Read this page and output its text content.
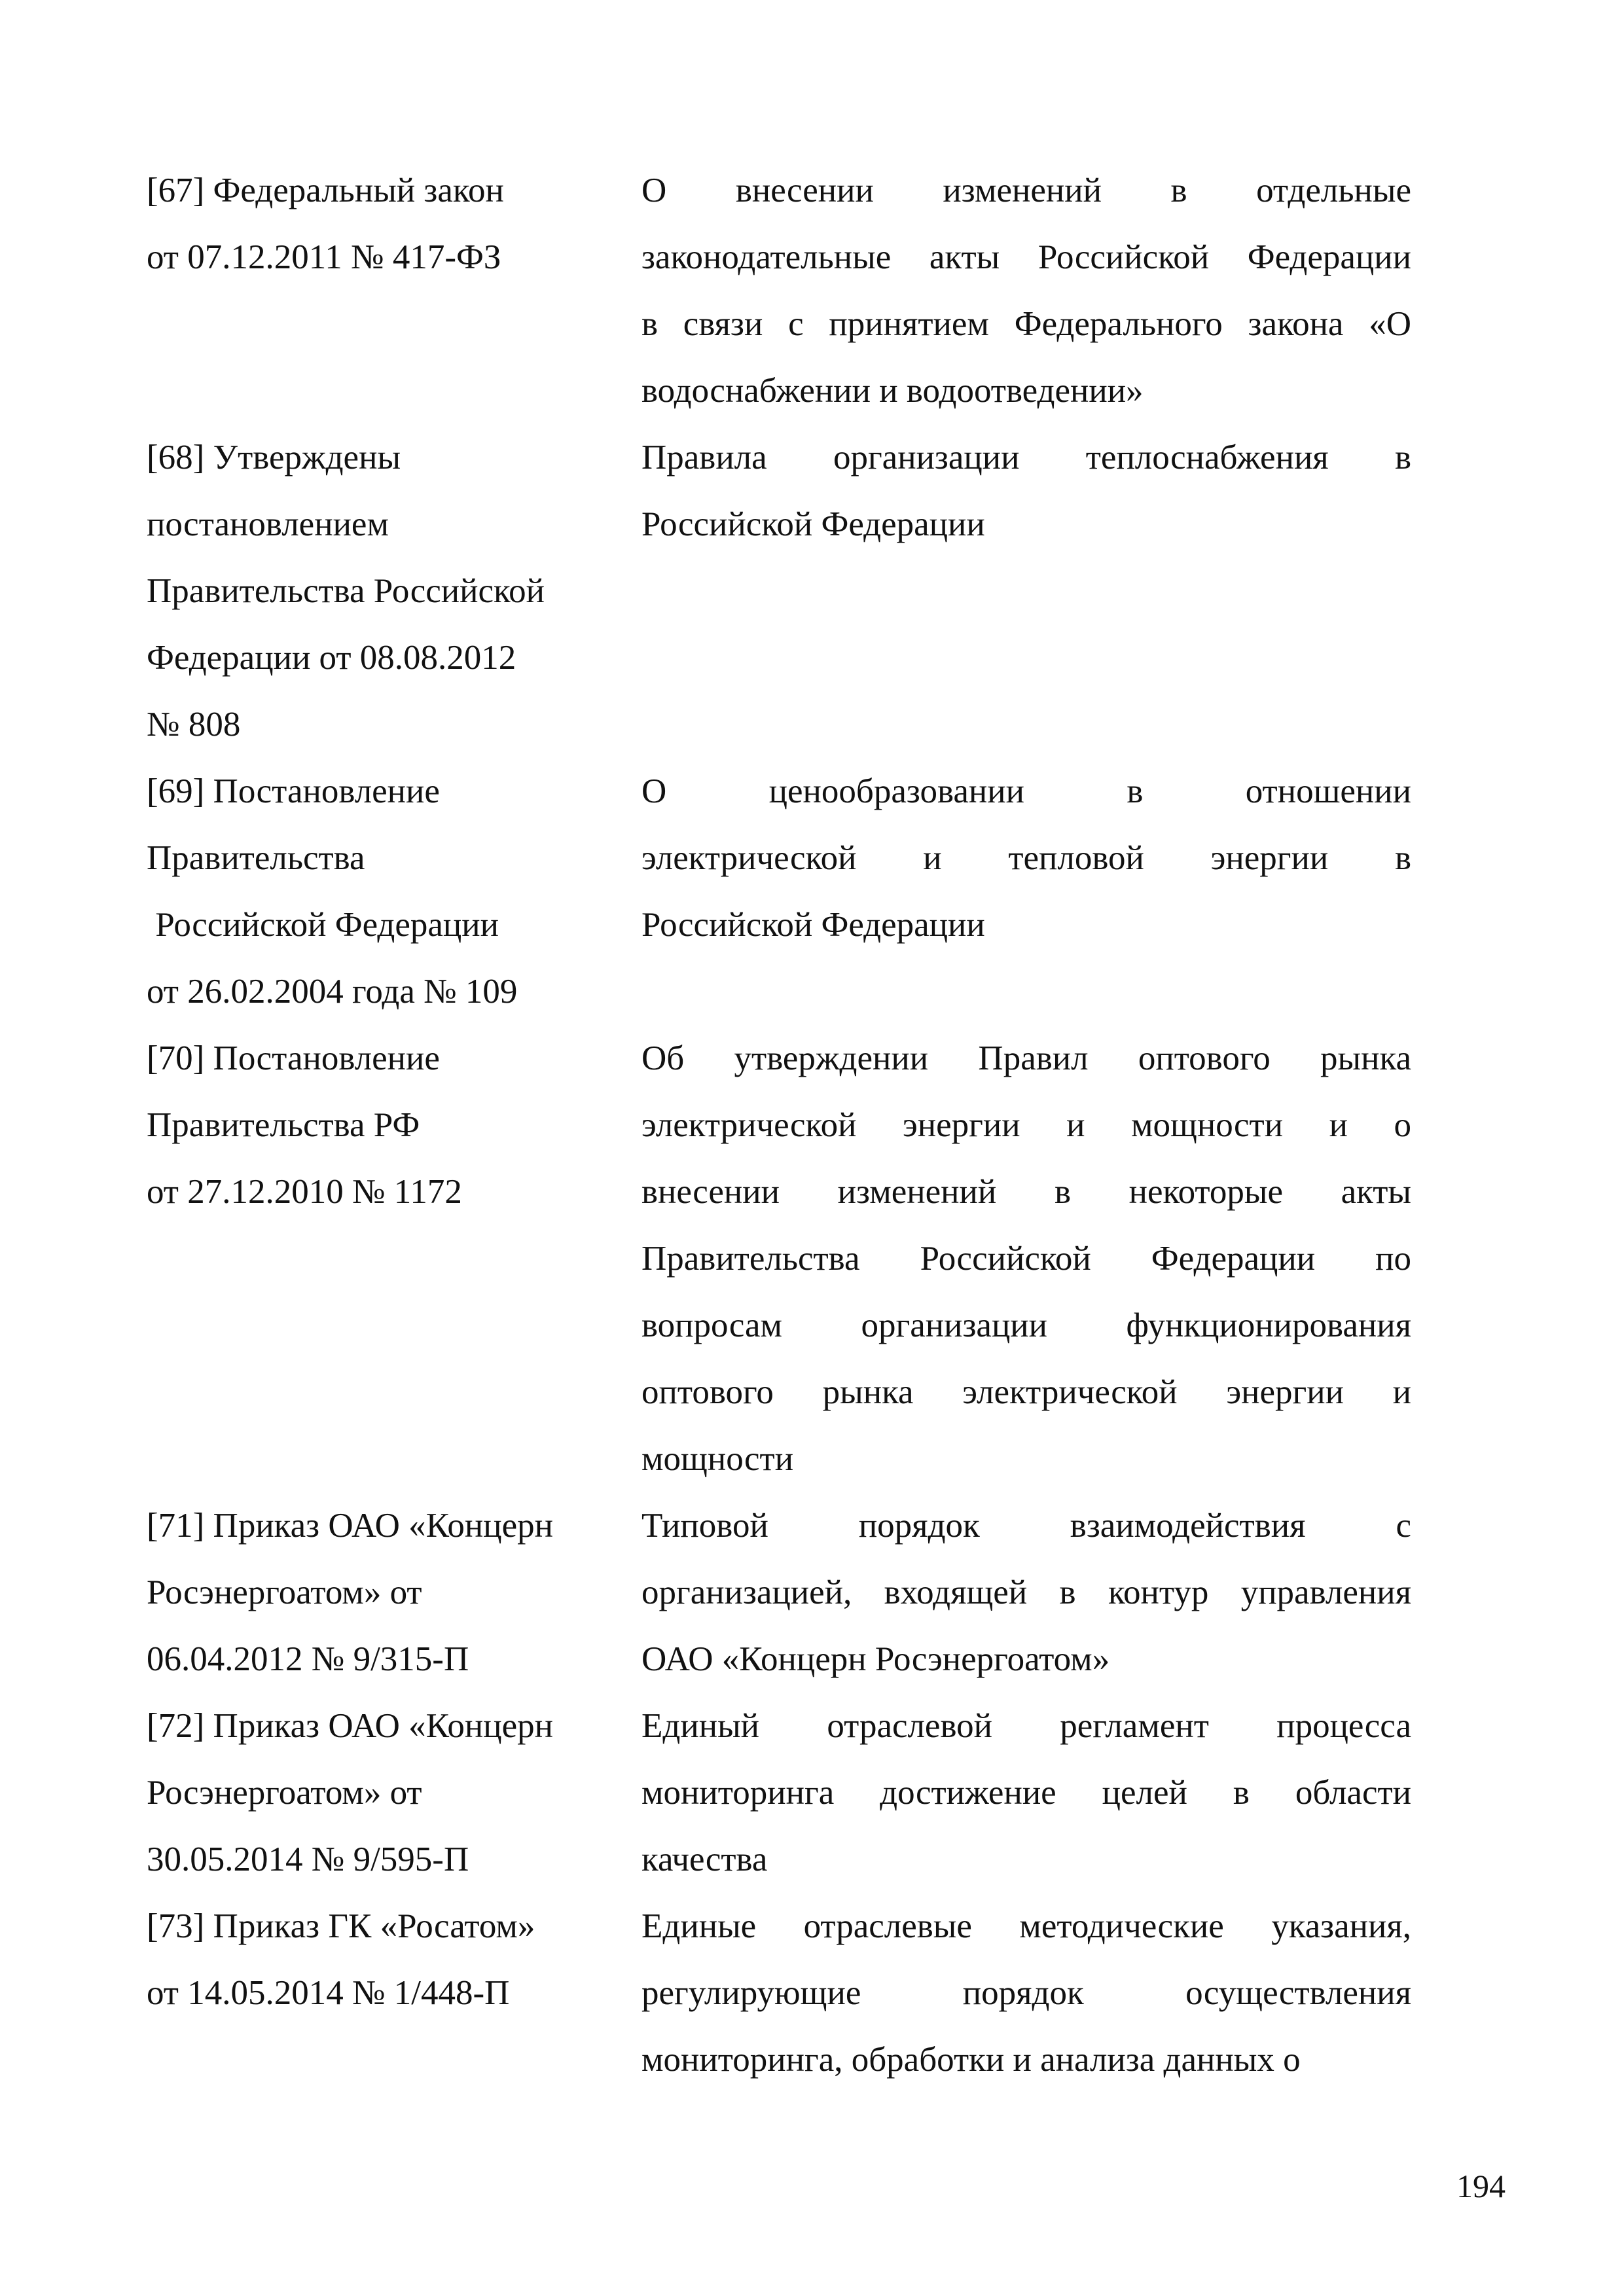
[67] Федеральный закон
от 07.12.2011 № 417-ФЗ
О внесении изменений в отдельные
законодательные акты Российской Федерации
в связи с принятием Федерального закона «О
водоснабжении и водоотведении»
[68] Утверждены
постановлением
Правительства Российской
Федерации от 08.08.2012
№ 808
Правила организации теплоснабжения в
Российской Федерации
[69] Постановление
Правительства
Российской Федерации
от 26.02.2004 года № 109
О ценообразовании в отношении
электрической и тепловой энергии в
Российской Федерации
[70] Постановление
Правительства РФ
от 27.12.2010 № 1172
Об утверждении Правил оптового рынка
электрической энергии и мощности и о
внесении изменений в некоторые акты
Правительства Российской Федерации по
вопросам организации функционирования
оптового рынка электрической энергии и
мощности
[71] Приказ ОАО «Концерн
Росэнергоатом» от
06.04.2012 № 9/315-П
Типовой порядок взаимодействия с
организацией, входящей в контур управления
ОАО «Концерн Росэнергоатом»
[72] Приказ ОАО «Концерн
Росэнергоатом» от
30.05.2014 № 9/595-П
Единый отраслевой регламент процесса
мониторинга достижение целей в области
качества
[73] Приказ ГК «Росатом»
от 14.05.2014 № 1/448-П
Единые отраслевые методические указания,
регулирующие порядок осуществления
мониторинга, обработки и анализа данных о
194
